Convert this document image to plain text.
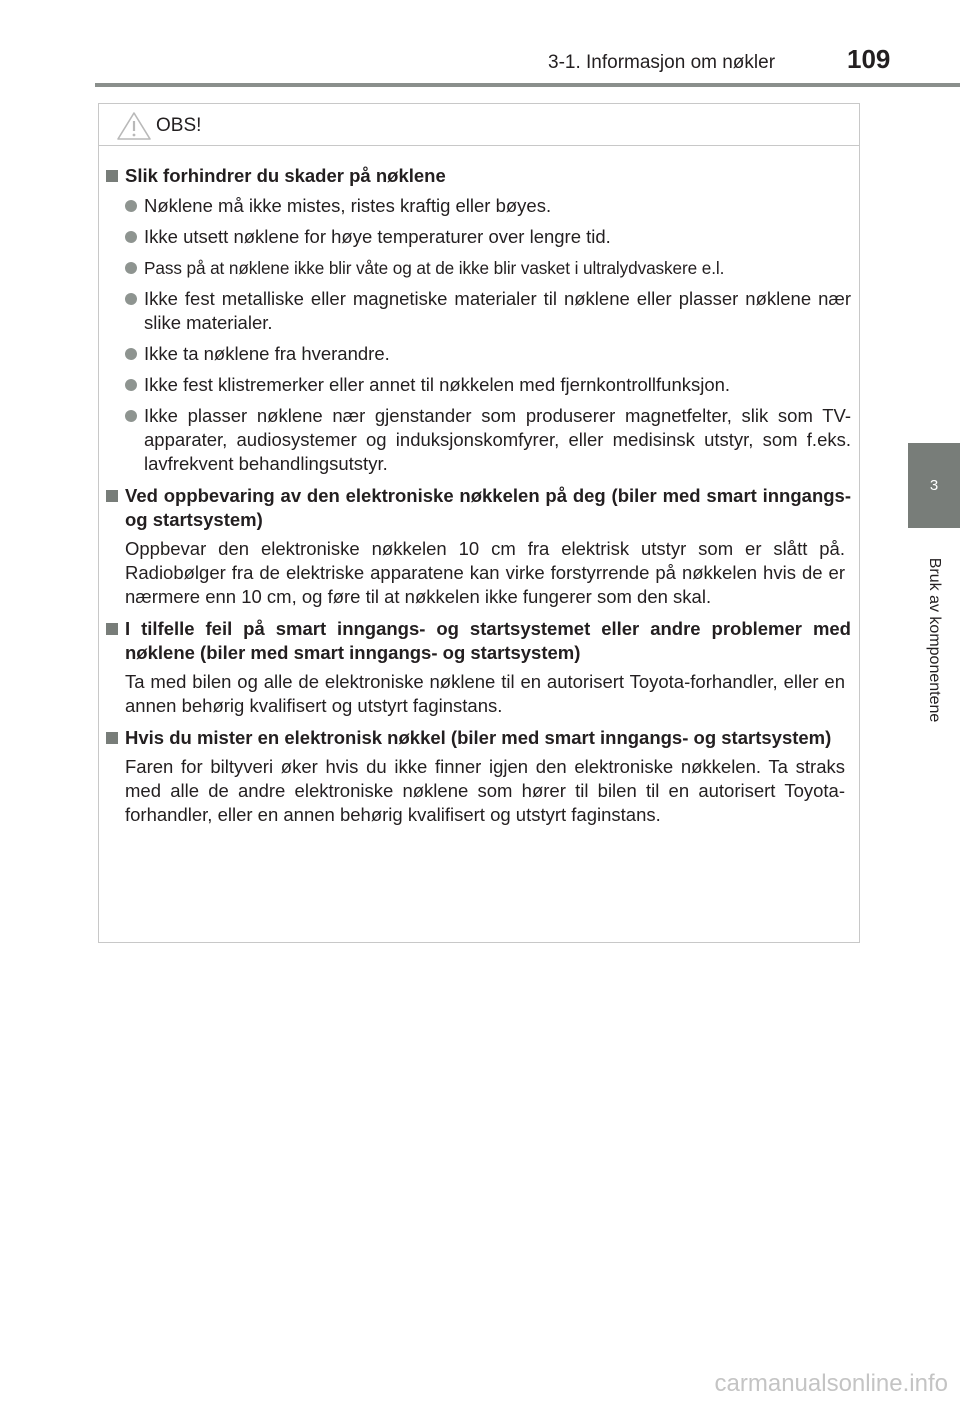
3-1. Informasjon om nøkler	109
3
Bruk av komponentene
OBS!
Slik forhindrer du skader på nøklene
Nøklene må ikke mistes, ristes kraftig eller bøyes.
Ikke utsett nøklene for høye temperaturer over lengre tid.
Pass på at nøklene ikke blir våte og at de ikke blir vasket i ultralydvaskere e.l.
Ikke fest metalliske eller magnetiske materialer til nøklene eller plasser nøklene nær slike materialer.
Ikke ta nøklene fra hverandre.
Ikke fest klistremerker eller annet til nøkkelen med fjernkontrollfunksjon.
Ikke plasser nøklene nær gjenstander som produserer magnetfelter, slik som TV-apparater, audiosystemer og induksjonskomfyrer, eller medisinsk utstyr, som f.eks. lavfrekvent behandlingsutstyr.
Ved oppbevaring av den elektroniske nøkkelen på deg (biler med smart inngangs- og startsystem)
Oppbevar den elektroniske nøkkelen 10 cm fra elektrisk utstyr som er slått på. Radiobølger fra de elektriske apparatene kan virke forstyrrende på nøkkelen hvis de er nærmere enn 10 cm, og føre til at nøkkelen ikke fungerer som den skal.
I tilfelle feil på smart inngangs- og startsystemet eller andre problemer med nøklene (biler med smart inngangs- og startsystem)
Ta med bilen og alle de elektroniske nøklene til en autorisert Toyota-forhandler, eller en annen behørig kvalifisert og utstyrt faginstans.
Hvis du mister en elektronisk nøkkel (biler med smart inngangs- og startsystem)
Faren for biltyveri øker hvis du ikke finner igjen den elektroniske nøkkelen. Ta straks med alle de andre elektroniske nøklene som hører til bilen til en autorisert Toyota-forhandler, eller en annen behørig kvalifisert og utstyrt faginstans.
carmanualsonline.info
